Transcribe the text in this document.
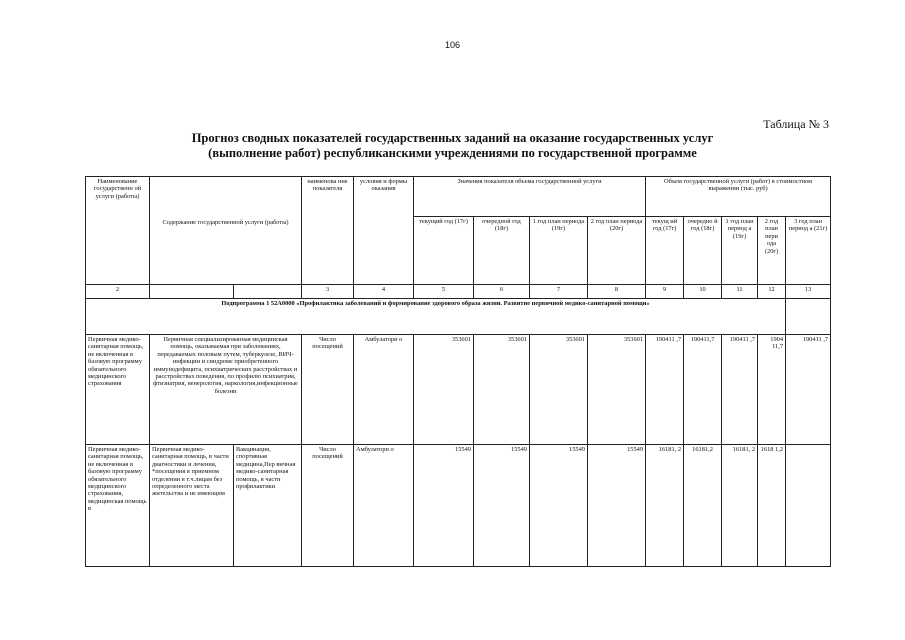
106
Таблица № 3
Прогноз сводных показателей государственных заданий на оказание государственных услуг
(выполнение работ) республиканскими учреждениями по государственной программе
Наименование государственн ой услуги (работы)	Содержание государственной услуги (работы)		наименова ние показателя	условия и формы оказания	Значения показателя объема государственной услуги				Объем государственной услуги (работ) в стоимостном выражении (тыс. руб)				
					текущий год (17г)	очередной год (18г)	1 год план периода (19г)	2 год план периода (20г)	текущ ий год (17г)	очередно й год (18г)	1 год план период а (19г)	2 год план пери ода (20г)	3 год план период а (21г)
2			3	4	5	6	7	8	9	10	11	12	13
Подпрограмма 1 52А0000 «Профилактика заболеваний и формирование здорового образа жизни. Развитие первичной медико-санитарной помощи»													
Первичная медико-санитарная помощь, не включенная в базовую программу обязательного медицинского страхования	Первичная специализированная медицинская помощь, оказываемая при заболеваниях, передаваемых половым путем, туберкулезе, ВИЧ-инфекции и синдроме приобретенного иммунодефицита, психиатрических расстройствах и расстройствах поведения, по профилю психиатрия, фтизиатрия, венерология, наркология,инфекционные болезни		Число посещений	Амбулаторн о	353601	353601	353601	353601	190411 ,7	190411,7	190411 ,7	1904 11,7	190411 ,7
Первичная медико-санитарная помощь, не включенная в базовую программу обязательного медицинского страхования, медицинская помощь в	Первичная медико-санитарная помощь, в части диагностики и лечения, *посещения в приемном отделении в т.ч.лицам без определенного места жительства и не имеющим	Вакцинация, спортивная медицина,Пер вичная медико-санитарная помощь, в части профилактики	Число посещений	Амбулаторн о	15549	15549	15549	15549	16181, 2	16181,2	16181, 2	1618 1,2	
